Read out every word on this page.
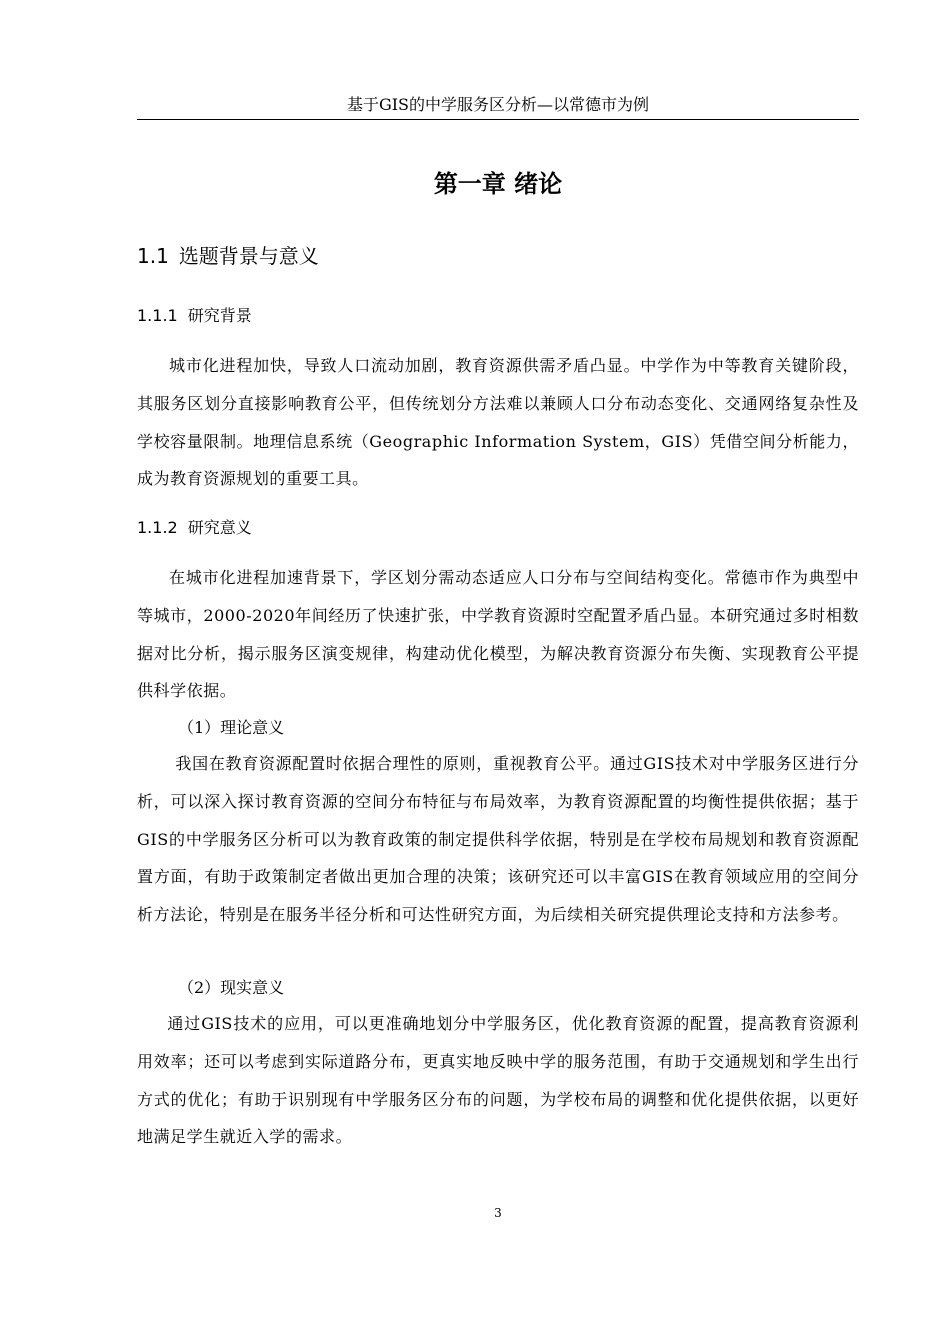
基于GIS的中学服务区分析—以常德市为例
第一章 绪论
1.1 选题背景与意义
1.1.1 研究背景

城市化进程加快，导致人口流动加剧，教育资源供需矛盾凸显。中学作为中等教育关键阶段，其服务区划分直接影响教育公平，但传统划分方法难以兼顾人口分布动态变化、交通网络复杂性及学校容量限制。地理信息系统（Geographic Information System，GIS）凭借空间分析能力，成为教育资源规划的重要工具。

1.1.2 研究意义

在城市化进程加速背景下，学区划分需动态适应人口分布与空间结构变化。常德市作为典型中等城市，2000-2020年间经历了快速扩张，中学教育资源时空配置矛盾凸显。本研究通过多时相数据对比分析，揭示服务区演变规律，构建动优化模型，为解决教育资源分布失衡、实现教育公平提供科学依据。

（1）理论意义

我国在教育资源配置时依据合理性的原则，重视教育公平。通过GIS技术对中学服务区进行分析，可以深入探讨教育资源的空间分布特征与布局效率，为教育资源配置的均衡性提供依据；基于GIS的中学服务区分析可以为教育政策的制定提供科学依据，特别是在学校布局规划和教育资源配置方面，有助于政策制定者做出更加合理的决策；该研究还可以丰富GIS在教育领域应用的空间分析方法论，特别是在服务半径分析和可达性研究方面，为后续相关研究提供理论支持和方法参考。

（2）现实意义

通过GIS技术的应用，可以更准确地划分中学服务区，优化教育资源的配置，提高教育资源利用效率；还可以考虑到实际道路分布，更真实地反映中学的服务范围，有助于交通规划和学生出行方式的优化；有助于识别现有中学服务区分布的问题，为学校布局的调整和优化提供依据，以更好地满足学生就近入学的需求。

3
